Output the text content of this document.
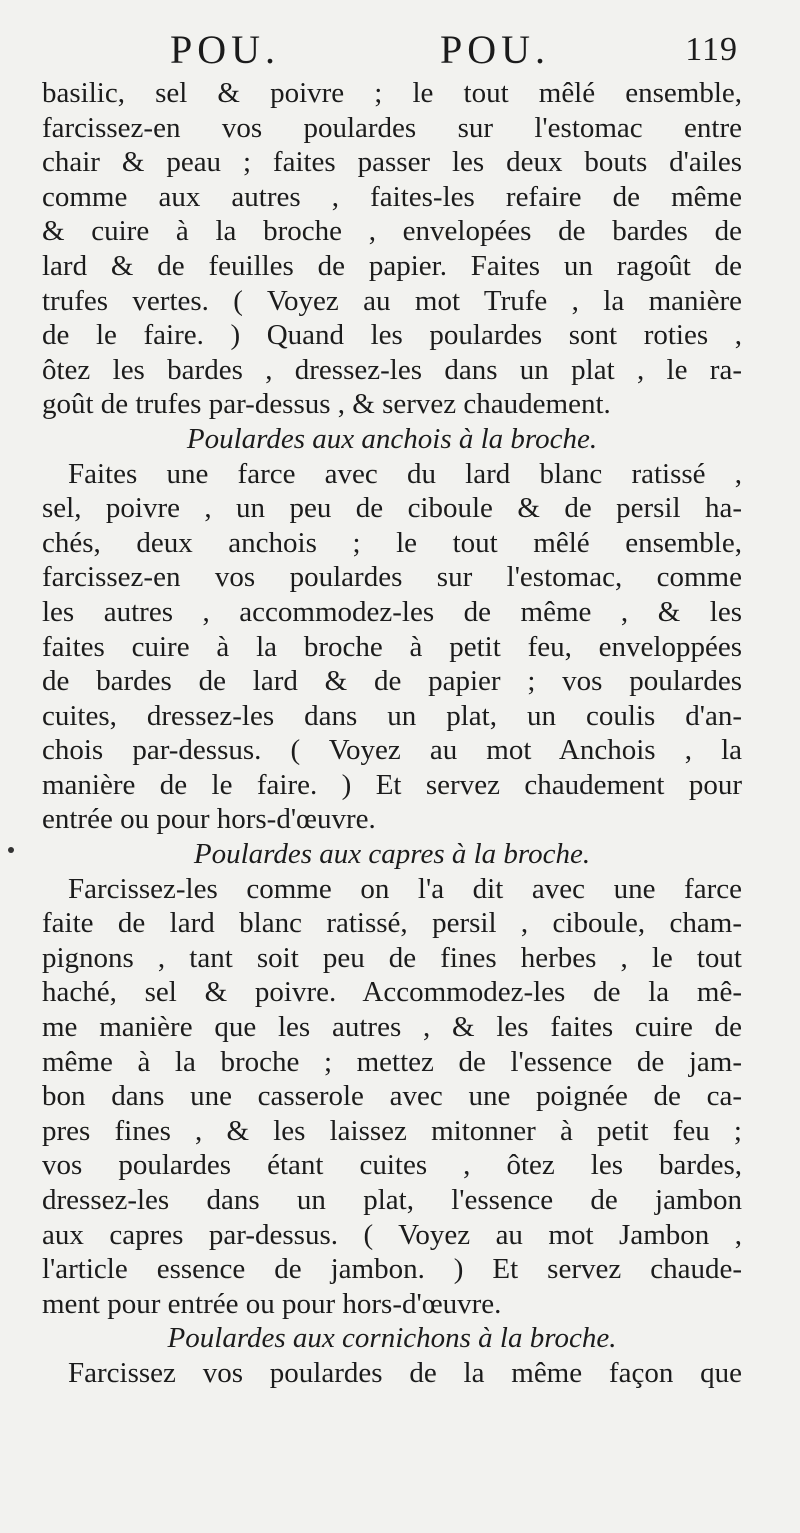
POU.	POU.	119
basilic, sel & poivre ; le tout mêlé ensemble,
farcissez-en vos poulardes sur l'estomac entre
chair & peau ; faites passer les deux bouts d'ailes
comme aux autres , faites-les refaire de même
& cuire à la broche , envelopées de bardes de
lard & de feuilles de papier. Faites un ragoût de
trufes vertes. ( Voyez au mot Trufe , la manière
de le faire. ) Quand les poulardes sont roties ,
ôtez les bardes , dressez-les dans un plat , le ra-
goût de trufes par-dessus , & servez chaudement.
Poulardes aux anchois à la broche.
Faites une farce avec du lard blanc ratissé ,
sel, poivre , un peu de ciboule & de persil ha-
chés, deux anchois ; le tout mêlé ensemble,
farcissez-en vos poulardes sur l'estomac, comme
les autres , accommodez-les de même , & les
faites cuire à la broche à petit feu, enveloppées
de bardes de lard & de papier ; vos poulardes
cuites, dressez-les dans un plat, un coulis d'an-
chois par-dessus. ( Voyez au mot Anchois , la
manière de le faire. ) Et servez chaudement pour
entrée ou pour hors-d'œuvre.
Poulardes aux capres à la broche.
Farcissez-les comme on l'a dit avec une farce
faite de lard blanc ratissé, persil , ciboule, cham-
pignons , tant soit peu de fines herbes , le tout
haché, sel & poivre. Accommodez-les de la mê-
me manière que les autres , & les faites cuire de
même à la broche ; mettez de l'essence de jam-
bon dans une casserole avec une poignée de ca-
pres fines , & les laissez mitonner à petit feu ;
vos poulardes étant cuites , ôtez les bardes,
dressez-les dans un plat, l'essence de jambon
aux capres par-dessus. ( Voyez au mot Jambon ,
l'article essence de jambon. ) Et servez chaude-
ment pour entrée ou pour hors-d'œuvre.
Poulardes aux cornichons à la broche.
Farcissez vos poulardes de la même façon que
